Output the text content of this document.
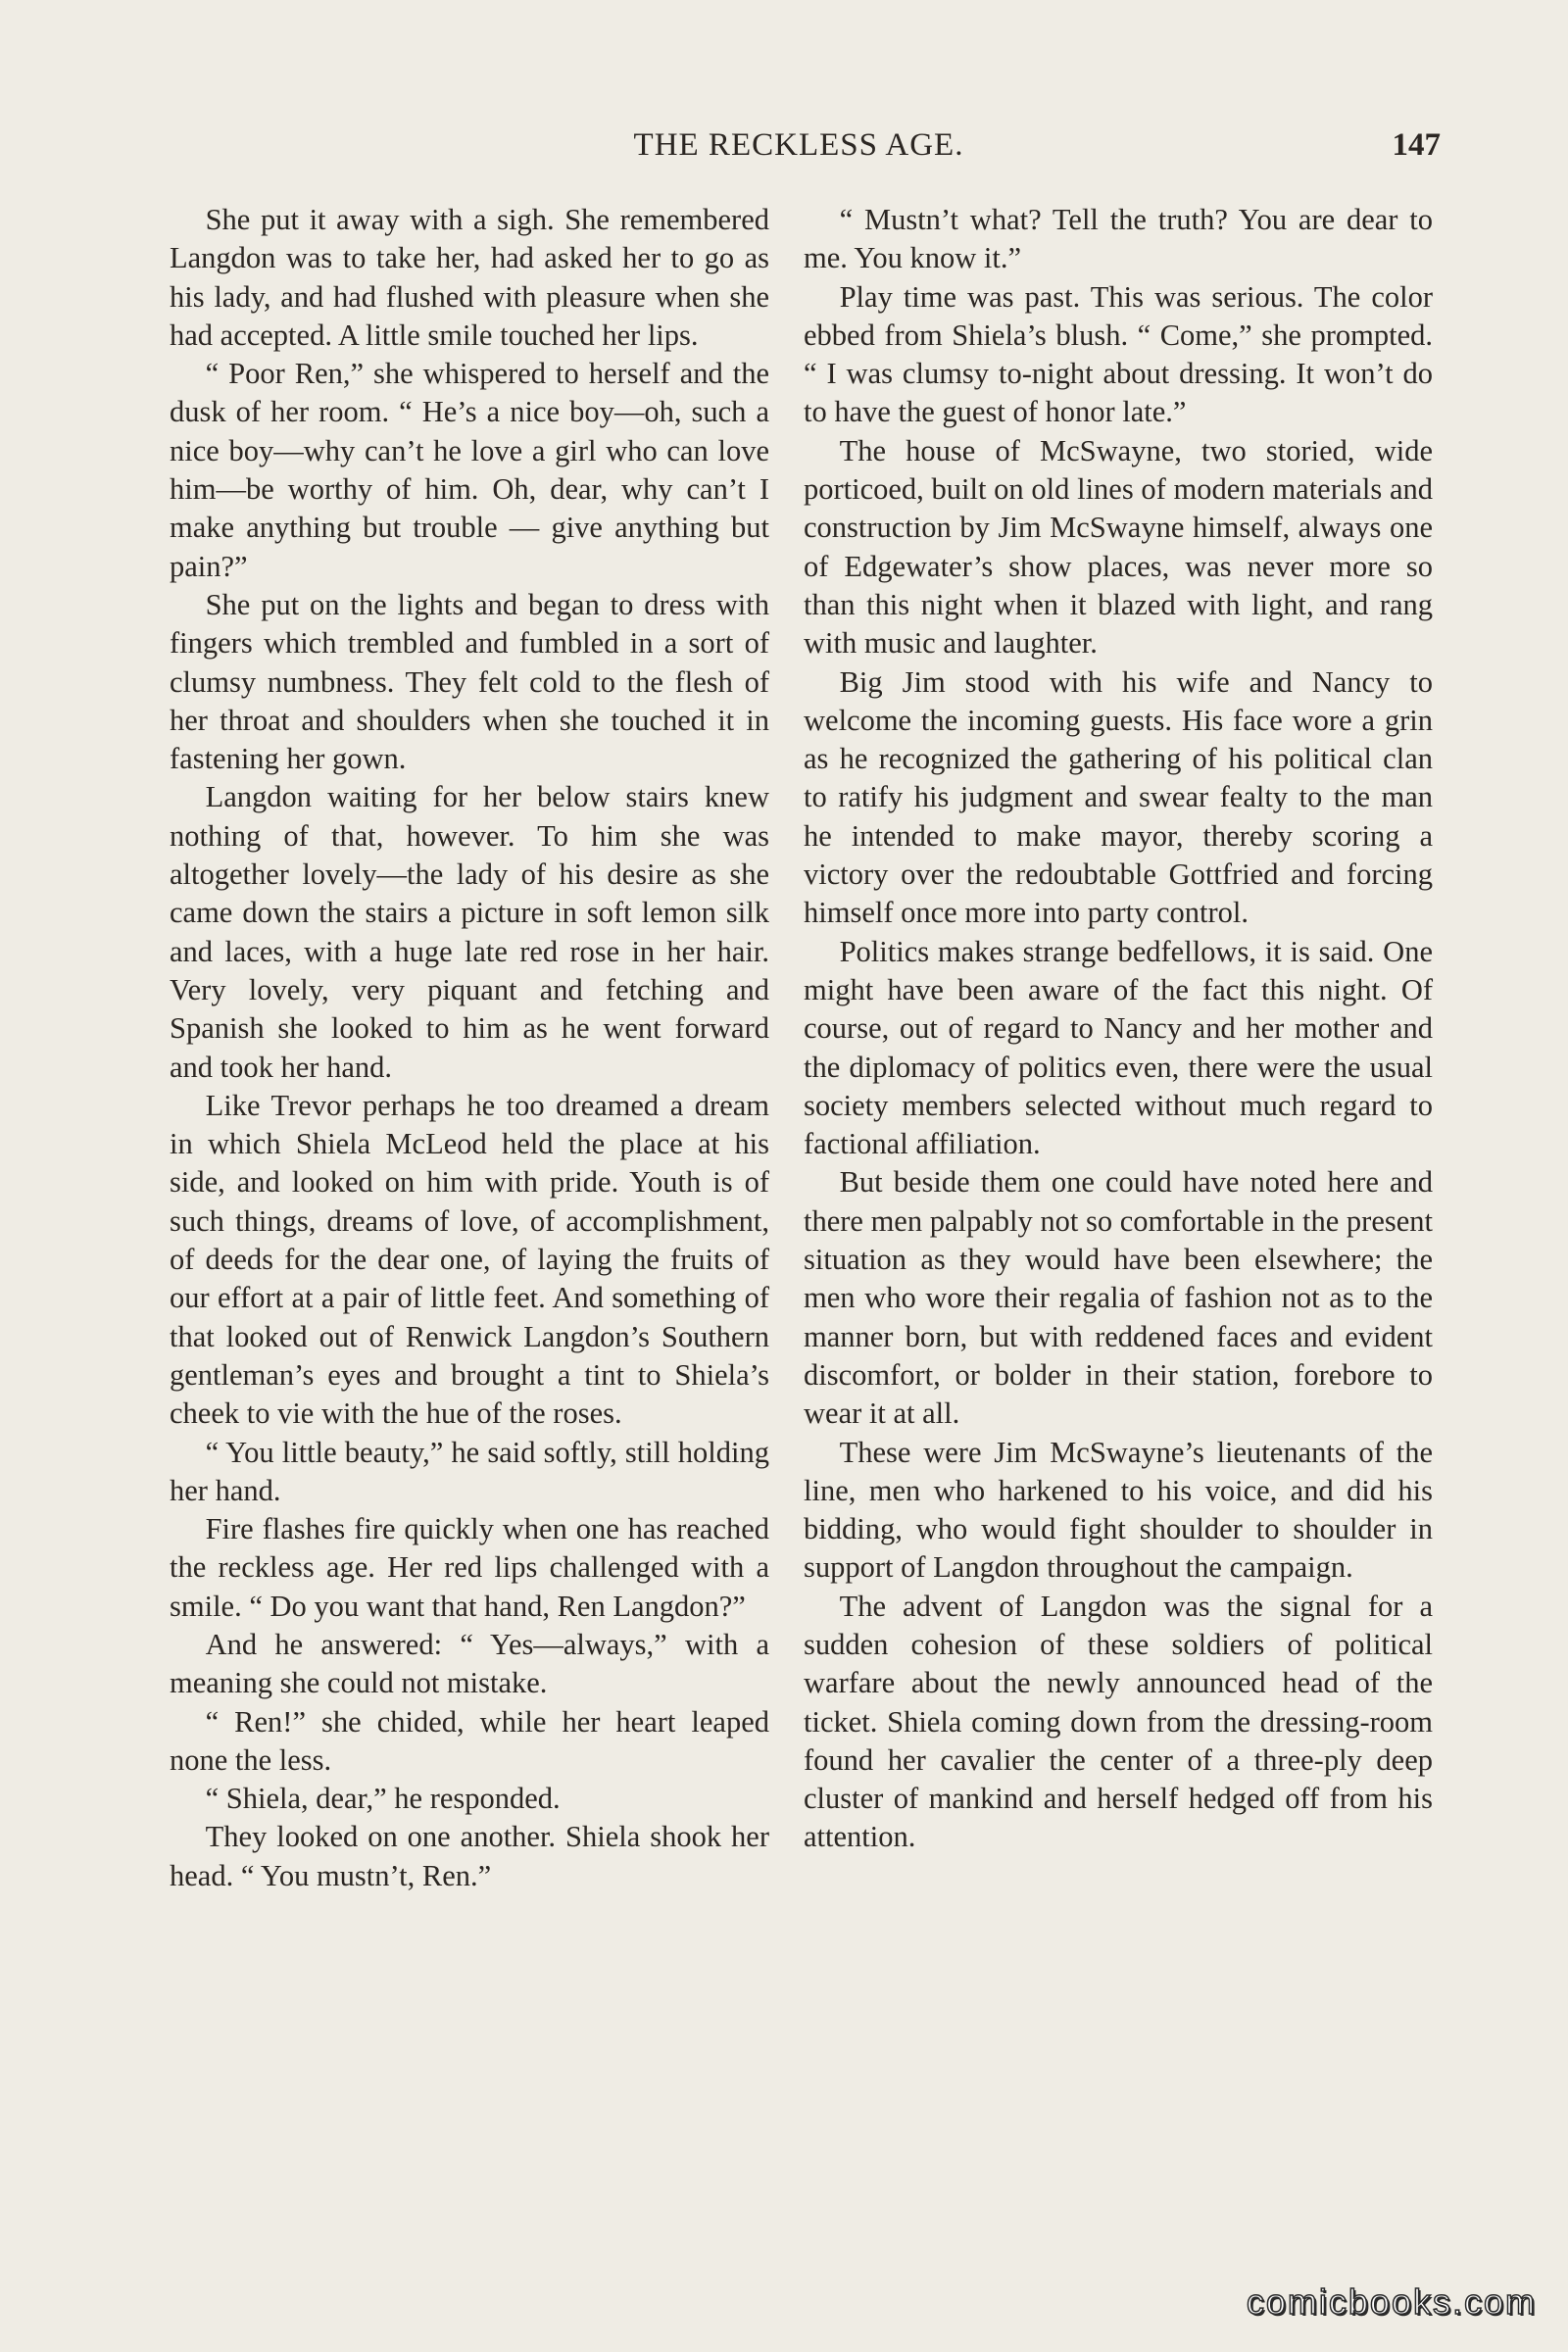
THE RECKLESS AGE.	147

She put it away with a sigh. She remembered Langdon was to take her, had asked her to go as his lady, and had flushed with pleasure when she had accepted. A little smile touched her lips.

“ Poor Ren,” she whispered to herself and the dusk of her room. “ He’s a nice boy—oh, such a nice boy—why can’t he love a girl who can love him—be worthy of him. Oh, dear, why can’t I make anything but trouble — give anything but pain?”

She put on the lights and began to dress with fingers which trembled and fumbled in a sort of clumsy numbness. They felt cold to the flesh of her throat and shoulders when she touched it in fastening her gown.

Langdon waiting for her below stairs knew nothing of that, however. To him she was altogether lovely—the lady of his desire as she came down the stairs a picture in soft lemon silk and laces, with a huge late red rose in her hair. Very lovely, very piquant and fetching and Spanish she looked to him as he went forward and took her hand.

Like Trevor perhaps he too dreamed a dream in which Shiela McLeod held the place at his side, and looked on him with pride. Youth is of such things, dreams of love, of accomplishment, of deeds for the dear one, of laying the fruits of our effort at a pair of little feet. And something of that looked out of Renwick Langdon’s Southern gentleman’s eyes and brought a tint to Shiela’s cheek to vie with the hue of the roses.

“ You little beauty,” he said softly, still holding her hand.

Fire flashes fire quickly when one has reached the reckless age. Her red lips challenged with a smile. “ Do you want that hand, Ren Langdon?”

And he answered: “ Yes—always,” with a meaning she could not mistake.

“ Ren!” she chided, while her heart leaped none the less.

“ Shiela, dear,” he responded.

They looked on one another. Shiela shook her head. “ You mustn’t, Ren.”

“ Mustn’t what? Tell the truth? You are dear to me. You know it.”

Play time was past. This was serious. The color ebbed from Shiela’s blush. “ Come,” she prompted. “ I was clumsy to-night about dressing. It won’t do to have the guest of honor late.”

The house of McSwayne, two storied, wide porticoed, built on old lines of modern materials and construction by Jim McSwayne himself, always one of Edgewater’s show places, was never more so than this night when it blazed with light, and rang with music and laughter.

Big Jim stood with his wife and Nancy to welcome the incoming guests. His face wore a grin as he recognized the gathering of his political clan to ratify his judgment and swear fealty to the man he intended to make mayor, thereby scoring a victory over the redoubtable Gottfried and forcing himself once more into party control.

Politics makes strange bedfellows, it is said. One might have been aware of the fact this night. Of course, out of regard to Nancy and her mother and the diplomacy of politics even, there were the usual society members selected without much regard to factional affiliation.

But beside them one could have noted here and there men palpably not so comfortable in the present situation as they would have been elsewhere; the men who wore their regalia of fashion not as to the manner born, but with reddened faces and evident discomfort, or bolder in their station, forebore to wear it at all.

These were Jim McSwayne’s lieutenants of the line, men who harkened to his voice, and did his bidding, who would fight shoulder to shoulder in support of Langdon throughout the campaign.

The advent of Langdon was the signal for a sudden cohesion of these soldiers of political warfare about the newly announced head of the ticket. Shiela coming down from the dressing-room found her cavalier the center of a three-ply deep cluster of mankind and herself hedged off from his attention.

comicbooks.com
